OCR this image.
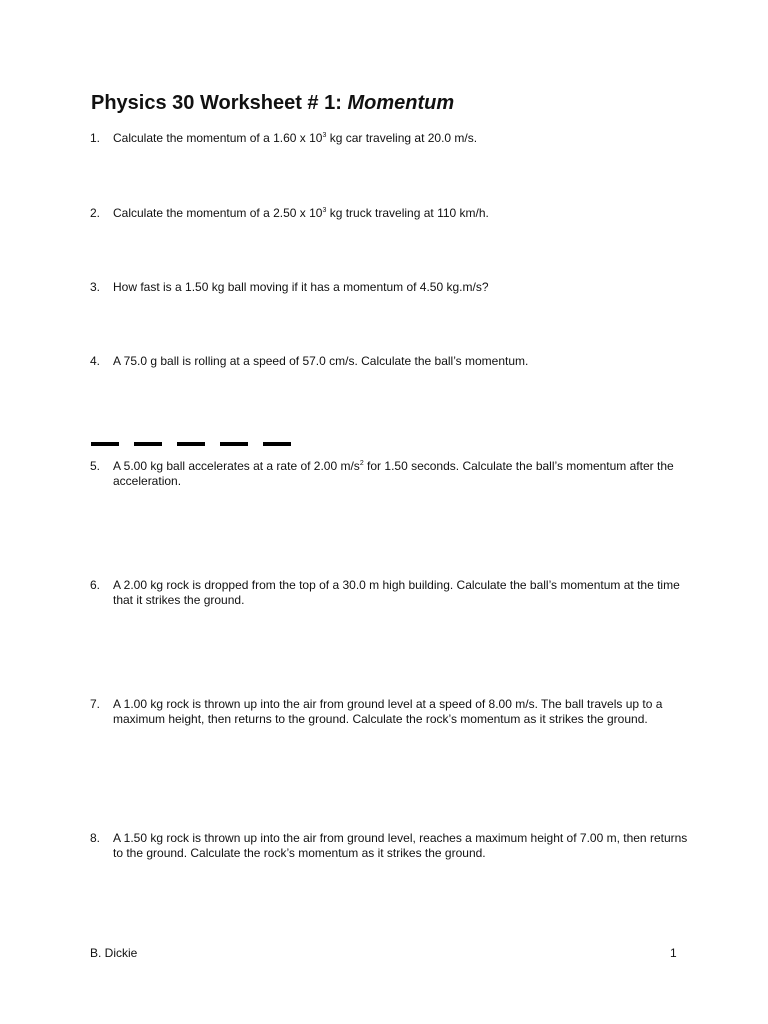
Physics 30 Worksheet # 1: Momentum
1. Calculate the momentum of a 1.60 x $10^3$ kg car traveling at 20.0 m/s.
2. Calculate the momentum of a 2.50 x $10^3$ kg truck traveling at 110 km/h.
3. How fast is a 1.50 kg ball moving if it has a momentum of 4.50 kg.m/s?
4. A 75.0 g ball is rolling at a speed of 57.0 cm/s. Calculate the ball’s momentum.
5. A 5.00 kg ball accelerates at a rate of 2.00 $m/s^2$ for 1.50 seconds. Calculate the ball’s momentum after the acceleration.
6. A 2.00 kg rock is dropped from the top of a 30.0 m high building. Calculate the ball’s momentum at the time that it strikes the ground.
7. A 1.00 kg rock is thrown up into the air from ground level at a speed of 8.00 m/s. The ball travels up to a maximum height, then returns to the ground. Calculate the rock’s momentum as it strikes the ground.
8. A 1.50 kg rock is thrown up into the air from ground level, reaches a maximum height of 7.00 m, then returns to the ground. Calculate the rock’s momentum as it strikes the ground.
B. Dickie	1
